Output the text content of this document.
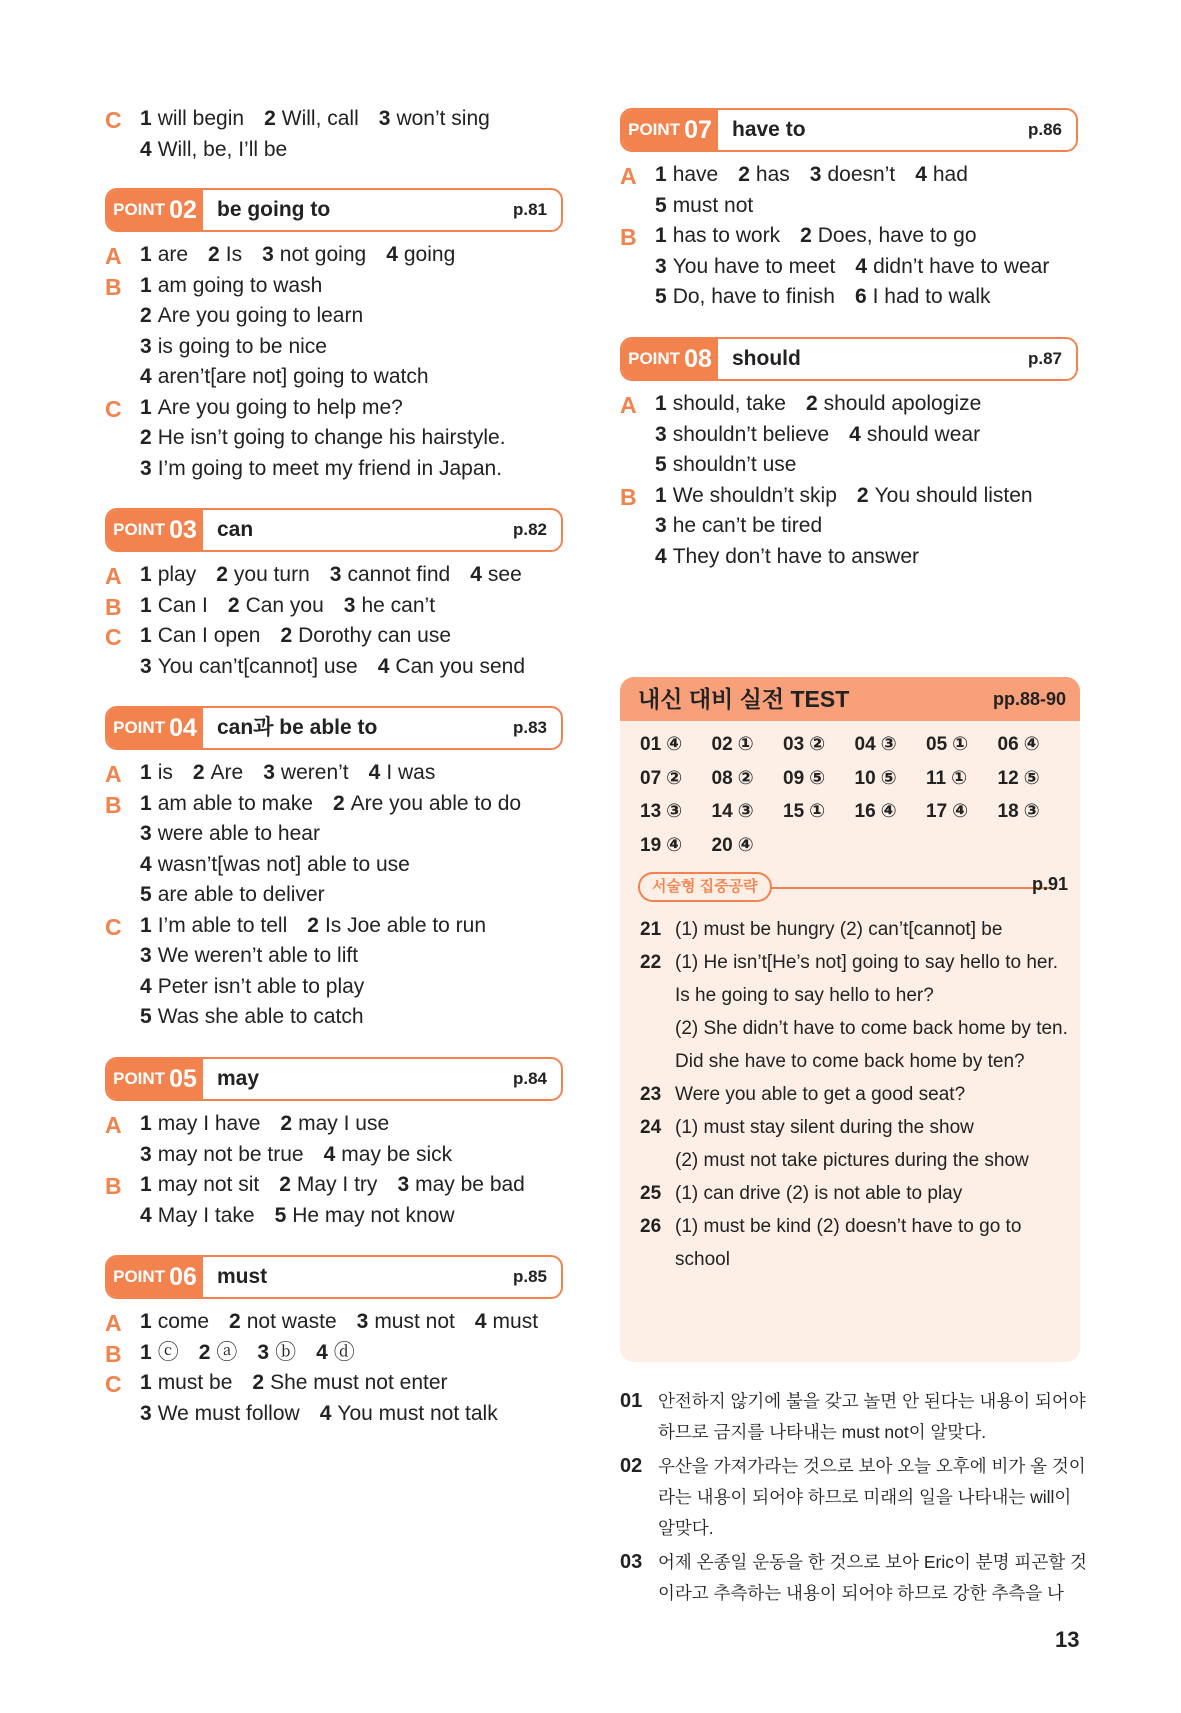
C 1 will begin 2 Will, call 3 won’t sing
4 Will, be, I’ll be
POINT 02 be going to	p.81
A 1 are 2 Is 3 not going 4 going
B 1 am going to wash
2 Are you going to learn
3 is going to be nice
4 aren’t[are not] going to watch
C 1 Are you going to help me?
2 He isn’t going to change his hairstyle.
3 I’m going to meet my friend in Japan.
POINT 03 can	p.82
A 1 play 2 you turn 3 cannot find 4 see
B 1 Can I 2 Can you 3 he can’t
C 1 Can I open 2 Dorothy can use
3 You can’t[cannot] use 4 Can you send
POINT 04 can과 be able to	p.83
A 1 is 2 Are 3 weren’t 4 I was
B 1 am able to make 2 Are you able to do
3 were able to hear
4 wasn’t[was not] able to use
5 are able to deliver
C 1 I’m able to tell 2 Is Joe able to run
3 We weren’t able to lift
4 Peter isn’t able to play
5 Was she able to catch
POINT 05 may	p.84
A 1 may I have 2 may I use
3 may not be true 4 may be sick
B 1 may not sit 2 May I try 3 may be bad
4 May I take 5 He may not know
POINT 06 must	p.85
A 1 come 2 not waste 3 must not 4 must
B 1 ⓒ 2 ⓐ 3 ⓑ 4 ⓓ
C 1 must be 2 She must not enter
3 We must follow 4 You must not talk
POINT 07 have to	p.86
A 1 have 2 has 3 doesn’t 4 had
5 must not
B 1 has to work 2 Does, have to go
3 You have to meet 4 didn’t have to wear
5 Do, have to finish 6 I had to walk
POINT 08 should	p.87
A 1 should, take 2 should apologize
3 shouldn’t believe 4 should wear
5 shouldn’t use
B 1 We shouldn’t skip 2 You should listen
3 he can’t be tired
4 They don’t have to answer
내신 대비 실전 TEST	pp.88-90
01 ④	02 ①	03 ②	04 ③	05 ①	06 ④
07 ②	08 ②	09 ⑤	10 ⑤	11 ①	12 ⑤
13 ③	14 ③	15 ①	16 ④	17 ④	18 ③
19 ④	20 ④
서술형 집중공략	p.91
21 (1) must be hungry (2) can’t[cannot] be
22 (1) He isn’t[He’s not] going to say hello to her.
Is he going to say hello to her?
(2) She didn’t have to come back home by ten.
Did she have to come back home by ten?
23 Were you able to get a good seat?
24 (1) must stay silent during the show
(2) must not take pictures during the show
25 (1) can drive (2) is not able to play
26 (1) must be kind (2) doesn’t have to go to school
01 안전하지 않기에 불을 갖고 놀면 안 된다는 내용이 되어야 하므로 금지를 나타내는 must not이 알맞다.
02 우산을 가져가라는 것으로 보아 오늘 오후에 비가 올 것이라는 내용이 되어야 하므로 미래의 일을 나타내는 will이 알맞다.
03 어제 온종일 운동을 한 것으로 보아 Eric이 분명 피곤할 것이라고 추측하는 내용이 되어야 하므로 강한 추측을 나
13
